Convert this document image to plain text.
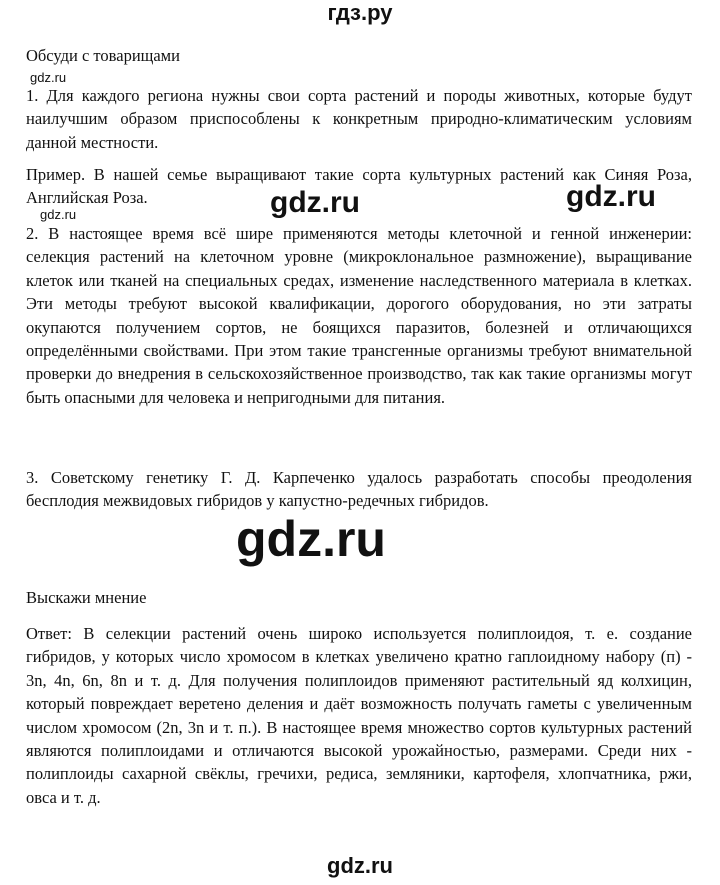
гдз.ру
Обсуди с товарищами
gdz.ru
1. Для каждого региона нужны свои сорта растений и породы животных, которые будут наилучшим образом приспособлены к конкретным природно-климатическим условиям данной местности.
Пример. В нашей семье выращивают такие сорта культурных растений как Синяя Роза, Английская Роза.	gdz.ru	gdz.ru
gdz.ru
2. В настоящее время всё шире применяются методы клеточной и генной инженерии: селекция растений на клеточном уровне (микроклональное размножение), выращивание клеток или тканей на специальных средах, изменение наследственного материала в клетках. Эти методы требуют высокой квалификации, дорогого оборудования, но эти затраты окупаются получением сортов, не боящихся паразитов, болезней и отличающихся определёнными свойствами. При этом такие трансгенные организмы требуют внимательной проверки до внедрения в сельскохозяйственное производство, так как такие организмы могут быть опасными для человека и непригодными для питания.
3. Советскому генетику Г. Д. Карпеченко удалось разработать способы преодоления бесплодия межвидовых гибридов у капустно-редечных гибридов.
gdz.ru
Выскажи мнение
Ответ: В селекции растений очень широко используется полиплоидоя, т. е. создание гибридов, у которых число хромосом в клетках увеличено кратно гаплоидному набору (п) - 3n, 4n, 6n, 8n и т. д. Для получения полиплоидов применяют растительный яд колхицин, который повреждает веретено деления и даёт возможность получать гаметы с увеличенным числом хромосом (2n, 3n и т. п.). В настоящее время множество сортов культурных растений являются полиплоидами и отличаются высокой урожайностью, размерами. Среди них - полиплоиды сахарной свёклы, гречихи, редиса, земляники, картофеля, хлопчатника, ржи, овса и т. д.
gdz.ru
